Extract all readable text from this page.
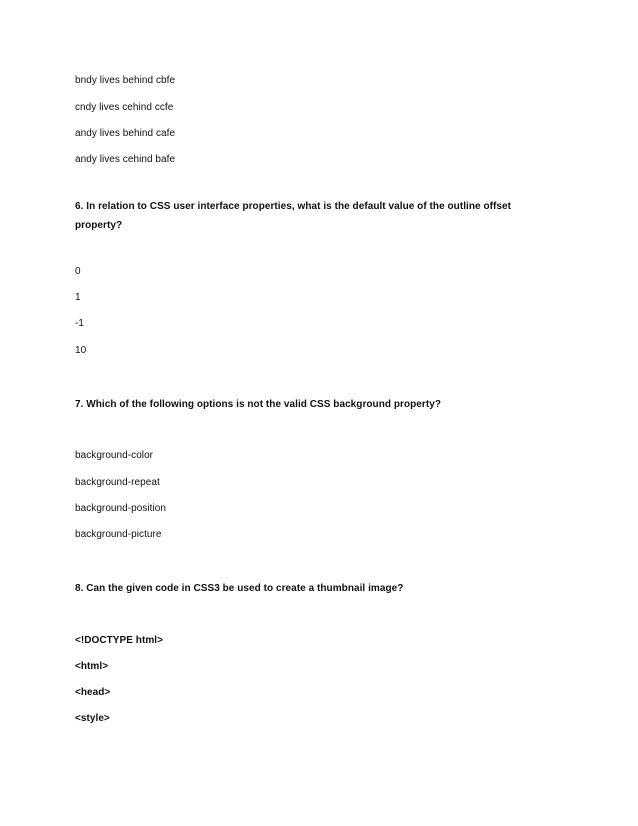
bndy lives behind cbfe
cndy lives cehind ccfe
andy lives behind cafe
andy lives cehind bafe
6. In relation to CSS user interface properties, what is the default value of the outline offset property?
0
1
-1
10
7. Which of the following options is not the valid CSS background property?
background-color
background-repeat
background-position
background-picture
8. Can the given code in CSS3 be used to create a thumbnail image?
<!DOCTYPE html>
<html>
<head>
<style>
